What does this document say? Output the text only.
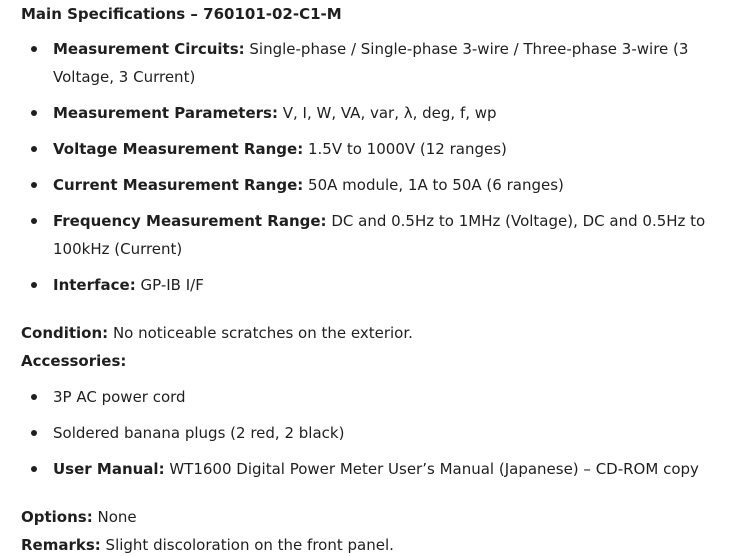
Main Specifications – 760101-02-C1-M
Measurement Circuits: Single-phase / Single-phase 3-wire / Three-phase 3-wire (3 Voltage, 3 Current)
Measurement Parameters: V, I, W, VA, var, λ, deg, f, wp
Voltage Measurement Range: 1.5V to 1000V (12 ranges)
Current Measurement Range: 50A module, 1A to 50A (6 ranges)
Frequency Measurement Range: DC and 0.5Hz to 1MHz (Voltage), DC and 0.5Hz to 100kHz (Current)
Interface: GP-IB I/F
Condition: No noticeable scratches on the exterior.
Accessories:
3P AC power cord
Soldered banana plugs (2 red, 2 black)
User Manual: WT1600 Digital Power Meter User’s Manual (Japanese) – CD-ROM copy
Options: None
Remarks: Slight discoloration on the front panel.
